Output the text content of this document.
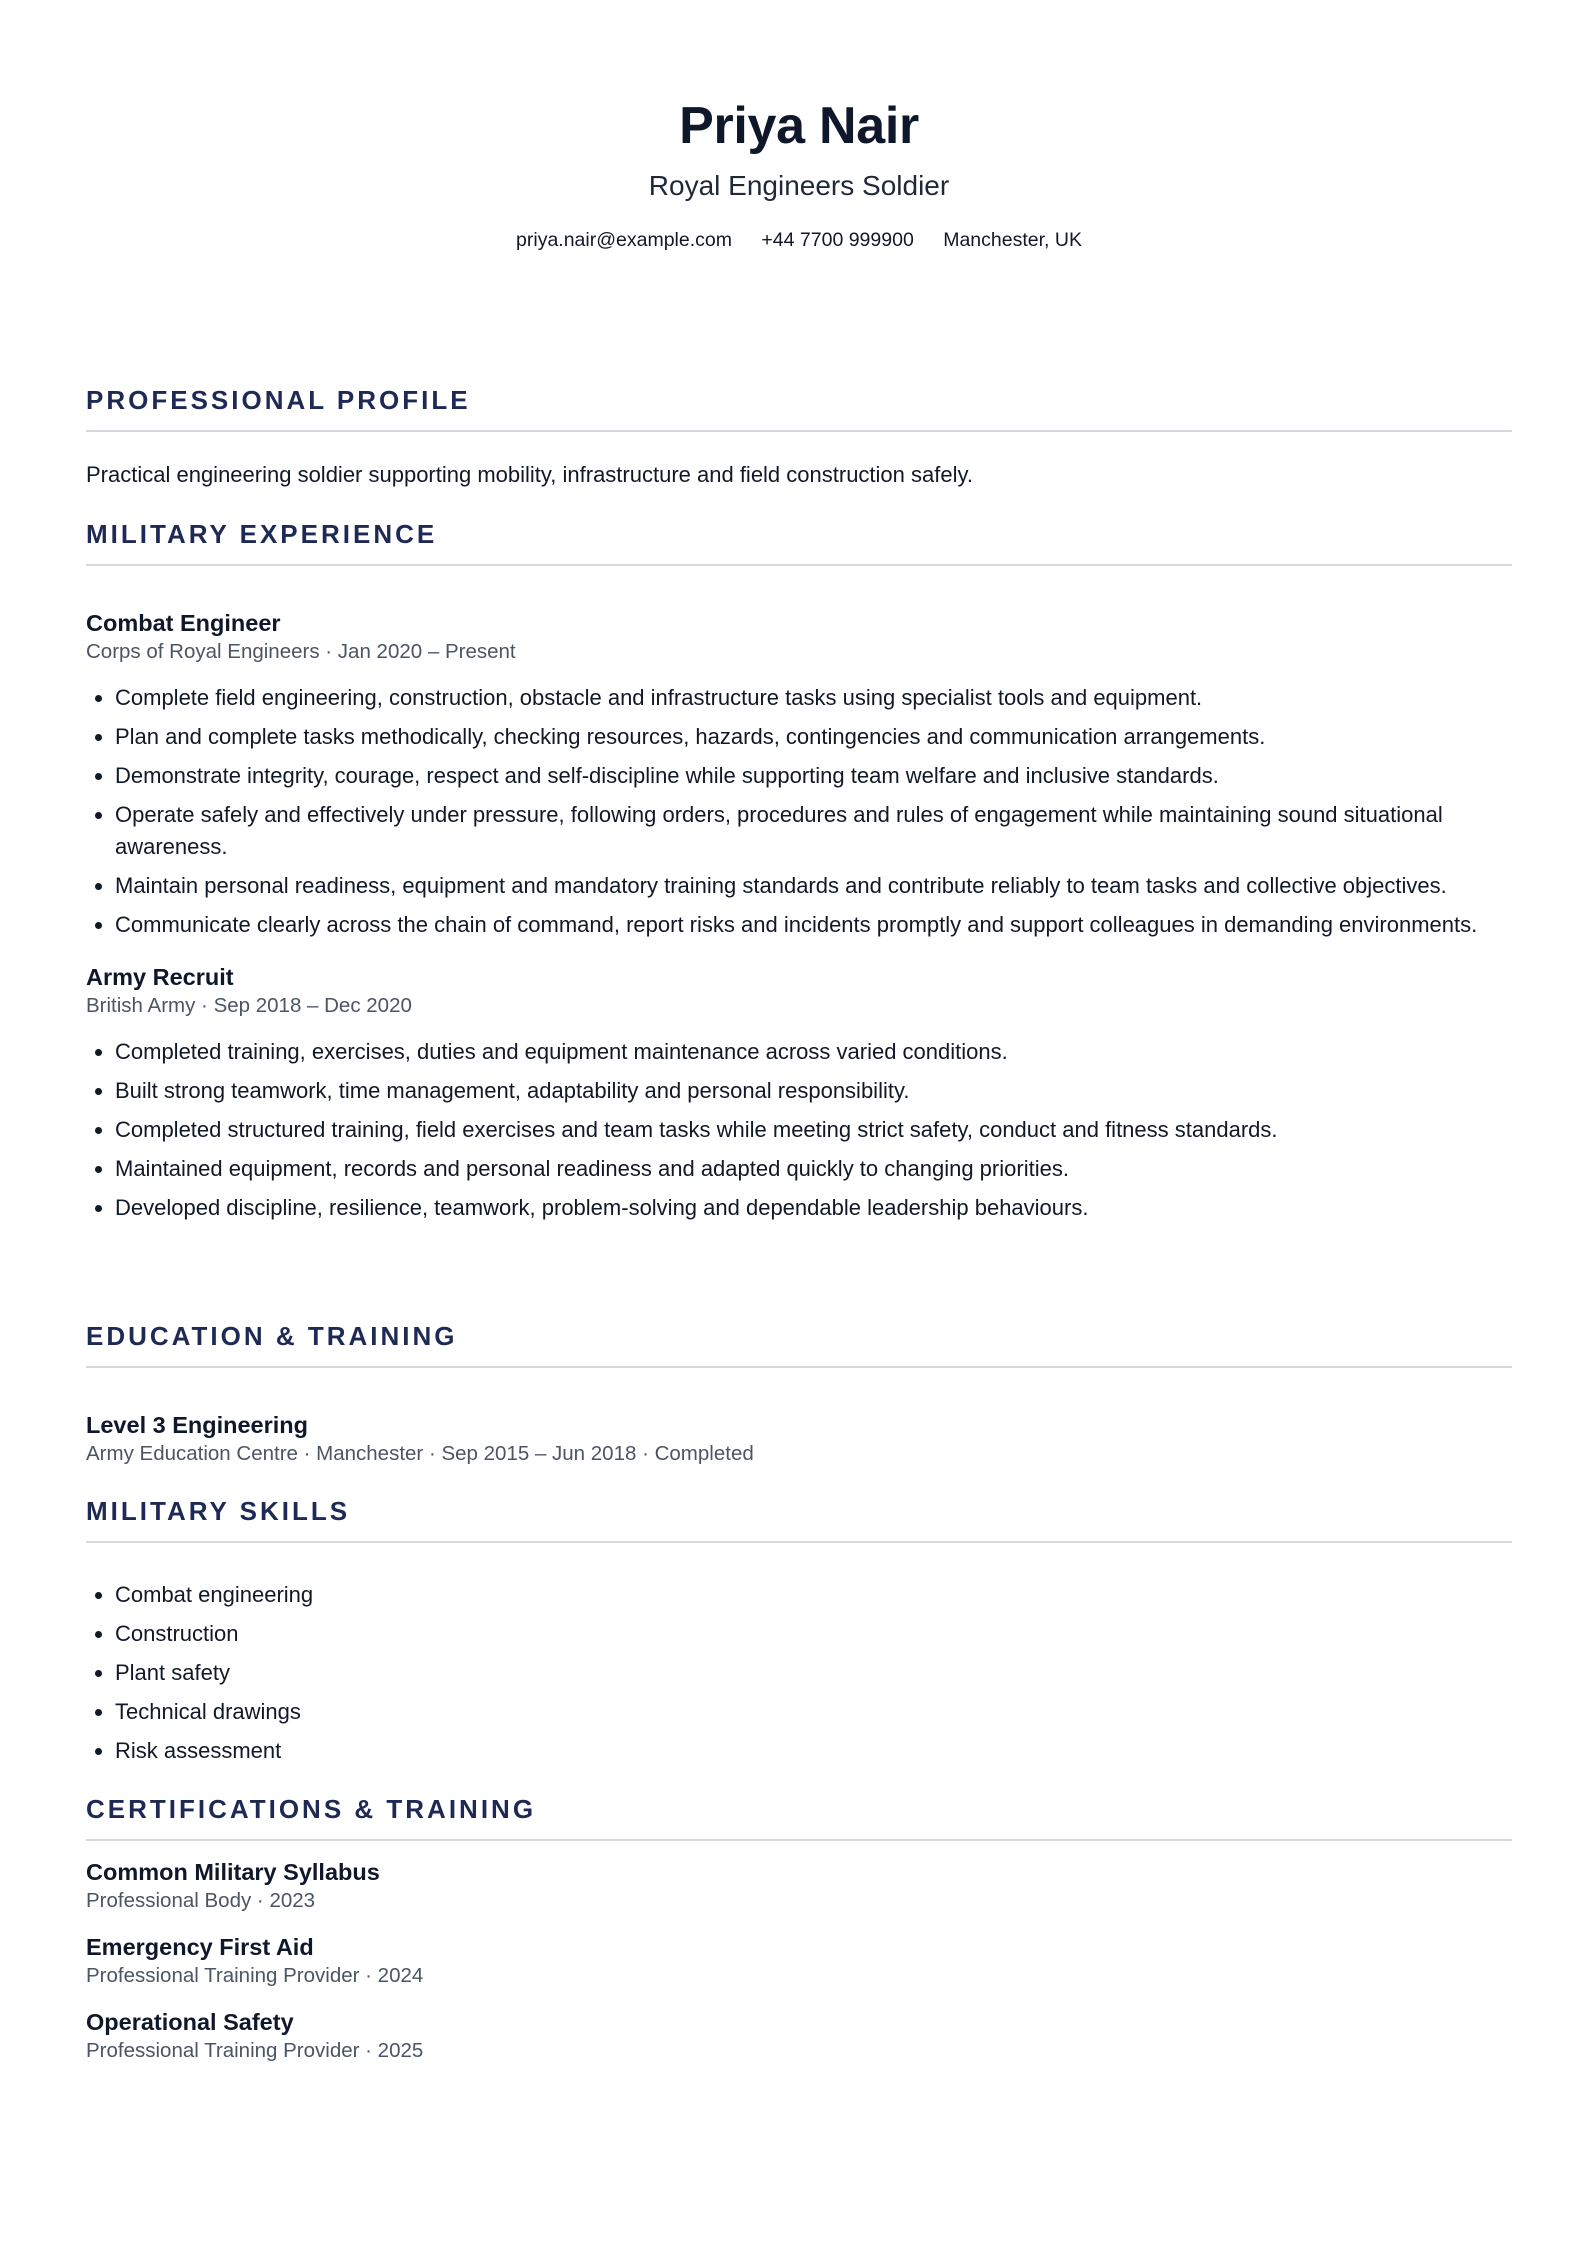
Priya Nair
Royal Engineers Soldier
priya.nair@example.com +44 7700 999900 Manchester, UK
PROFESSIONAL PROFILE

Practical engineering soldier supporting mobility, infrastructure and field construction safely.

MILITARY EXPERIENCE

Combat Engineer

Corps of Royal Engineers · Jan 2020 – Present

• Complete field engineering, construction, obstacle and infrastructure tasks using specialist tools and equipment.
• Plan and complete tasks methodically, checking resources, hazards, contingencies and communication arrangements.
• Demonstrate integrity, courage, respect and self-discipline while supporting team welfare and inclusive standards.
• Operate safely and effectively under pressure, following orders, procedures and rules of engagement while maintaining sound situational awareness.
• Maintain personal readiness, equipment and mandatory training standards and contribute reliably to team tasks and collective objectives.
• Communicate clearly across the chain of command, report risks and incidents promptly and support colleagues in demanding environments.

Army Recruit

British Army · Sep 2018 – Dec 2020

• Completed training, exercises, duties and equipment maintenance across varied conditions.
• Built strong teamwork, time management, adaptability and personal responsibility.
• Completed structured training, field exercises and team tasks while meeting strict safety, conduct and fitness standards.
• Maintained equipment, records and personal readiness and adapted quickly to changing priorities.
• Developed discipline, resilience, teamwork, problem-solving and dependable leadership behaviours.
EDUCATION & TRAINING

Level 3 Engineering

Army Education Centre · Manchester · Sep 2015 – Jun 2018 · Completed

MILITARY SKILLS
• Combat engineering
• Construction
• Plant safety
• Technical drawings
• Risk assessment
CERTIFICATIONS & TRAINING

Common Military Syllabus

Professional Body · 2023

Emergency First Aid

Professional Training Provider · 2024

Operational Safety

Professional Training Provider · 2025
